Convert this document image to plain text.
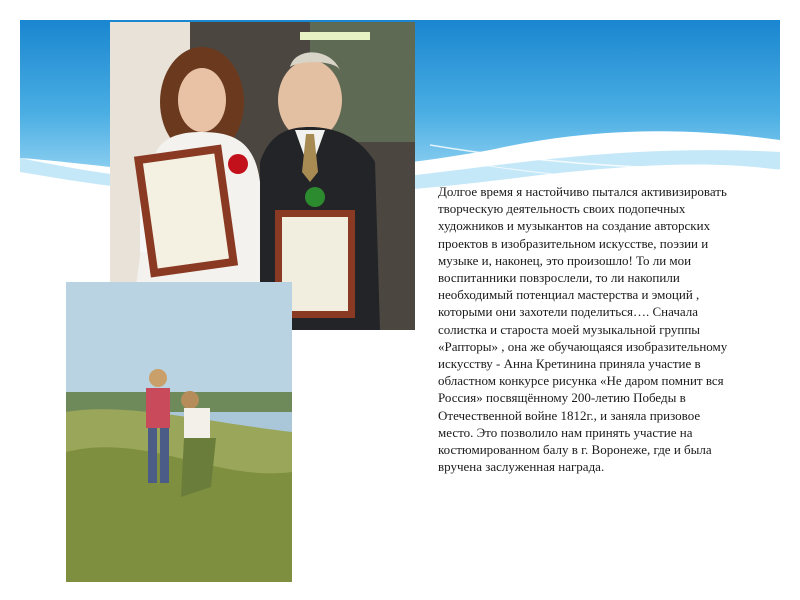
Долгое время я настойчиво пытался активизировать творческую деятельность своих подопечных художников и музыкантов на создание авторских проектов в изобразительном искусстве, поэзии и музыке и, наконец, это произошло! То ли мои воспитанники повзрослели, то ли накопили необходимый потенциал мастерства и эмоций , которыми они захотели поделиться…. Сначала солистка и староста моей музыкальной группы «Рапторы» , она же обучающаяся изобразительному искусству - Анна Кретинина приняла участие в областном конкурсе рисунка «Не даром помнит вся Россия» посвящённому 200-летию Победы в Отечественной войне 1812г., и заняла призовое место. Это позволило нам принять участие на костюмированном балу в г. Воронеже, где и была вручена заслуженная награда.
